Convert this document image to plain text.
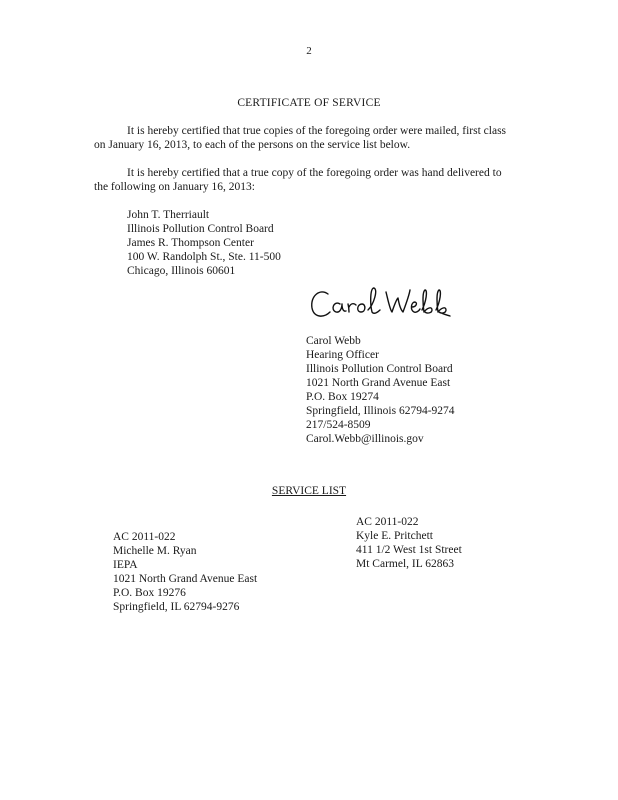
2
CERTIFICATE OF SERVICE
It is hereby certified that true copies of the foregoing order were mailed, first class
on January 16, 2013, to each of the persons on the service list below.
It is hereby certified that a true copy of the foregoing order was hand delivered to
the following on January 16, 2013:
John T. Therriault
Illinois Pollution Control Board
James R. Thompson Center
100 W. Randolph St., Ste. 11-500
Chicago, Illinois 60601
Carol Webb
Hearing Officer
Illinois Pollution Control Board
1021 North Grand Avenue East
P.O. Box 19274
Springfield, Illinois 62794-9274
217/524-8509
Carol.Webb@illinois.gov
SERVICE LIST
AC 2011-022
Michelle M. Ryan
IEPA
1021 North Grand Avenue East
P.O. Box 19276
Springfield, IL 62794-9276
AC 2011-022
Kyle E. Pritchett
411 1/2 West 1st Street
Mt Carmel, IL 62863
